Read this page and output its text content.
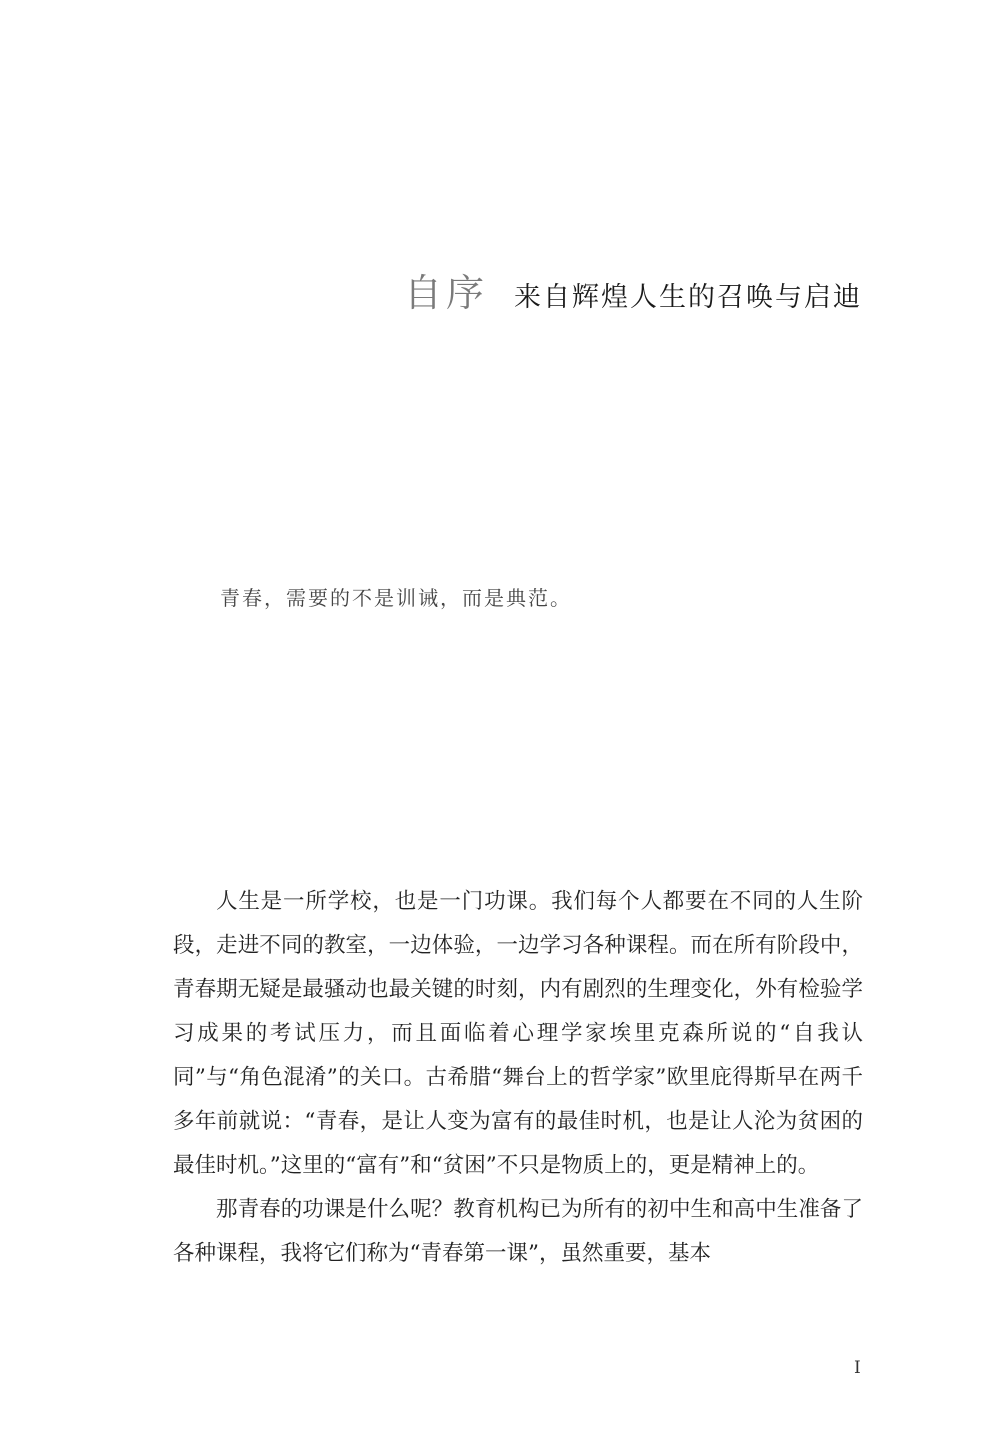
自序 来自辉煌人生的召唤与启迪
青春，需要的不是训诫，而是典范。

人生是一所学校，也是一门功课。我们每个人都要在不同的人生阶段，走进不同的教室，一边体验，一边学习各种课程。而在所有阶段中，青春期无疑是最骚动也最关键的时刻，内有剧烈的生理变化，外有检验学习成果的考试压力，而且面临着心理学家埃里克森所说的“自我认同”与“角色混淆”的关口。古希腊“舞台上的哲学家”欧里庇得斯早在两千多年前就说：“青春，是让人变为富有的最佳时机，也是让人沦为贫困的最佳时机。”这里的“富有”和“贫困”不只是物质上的，更是精神上的。

那青春的功课是什么呢？教育机构已为所有的初中生和高中生准备了各种课程，我将它们称为“青春第一课”，虽然重要，基本

I
